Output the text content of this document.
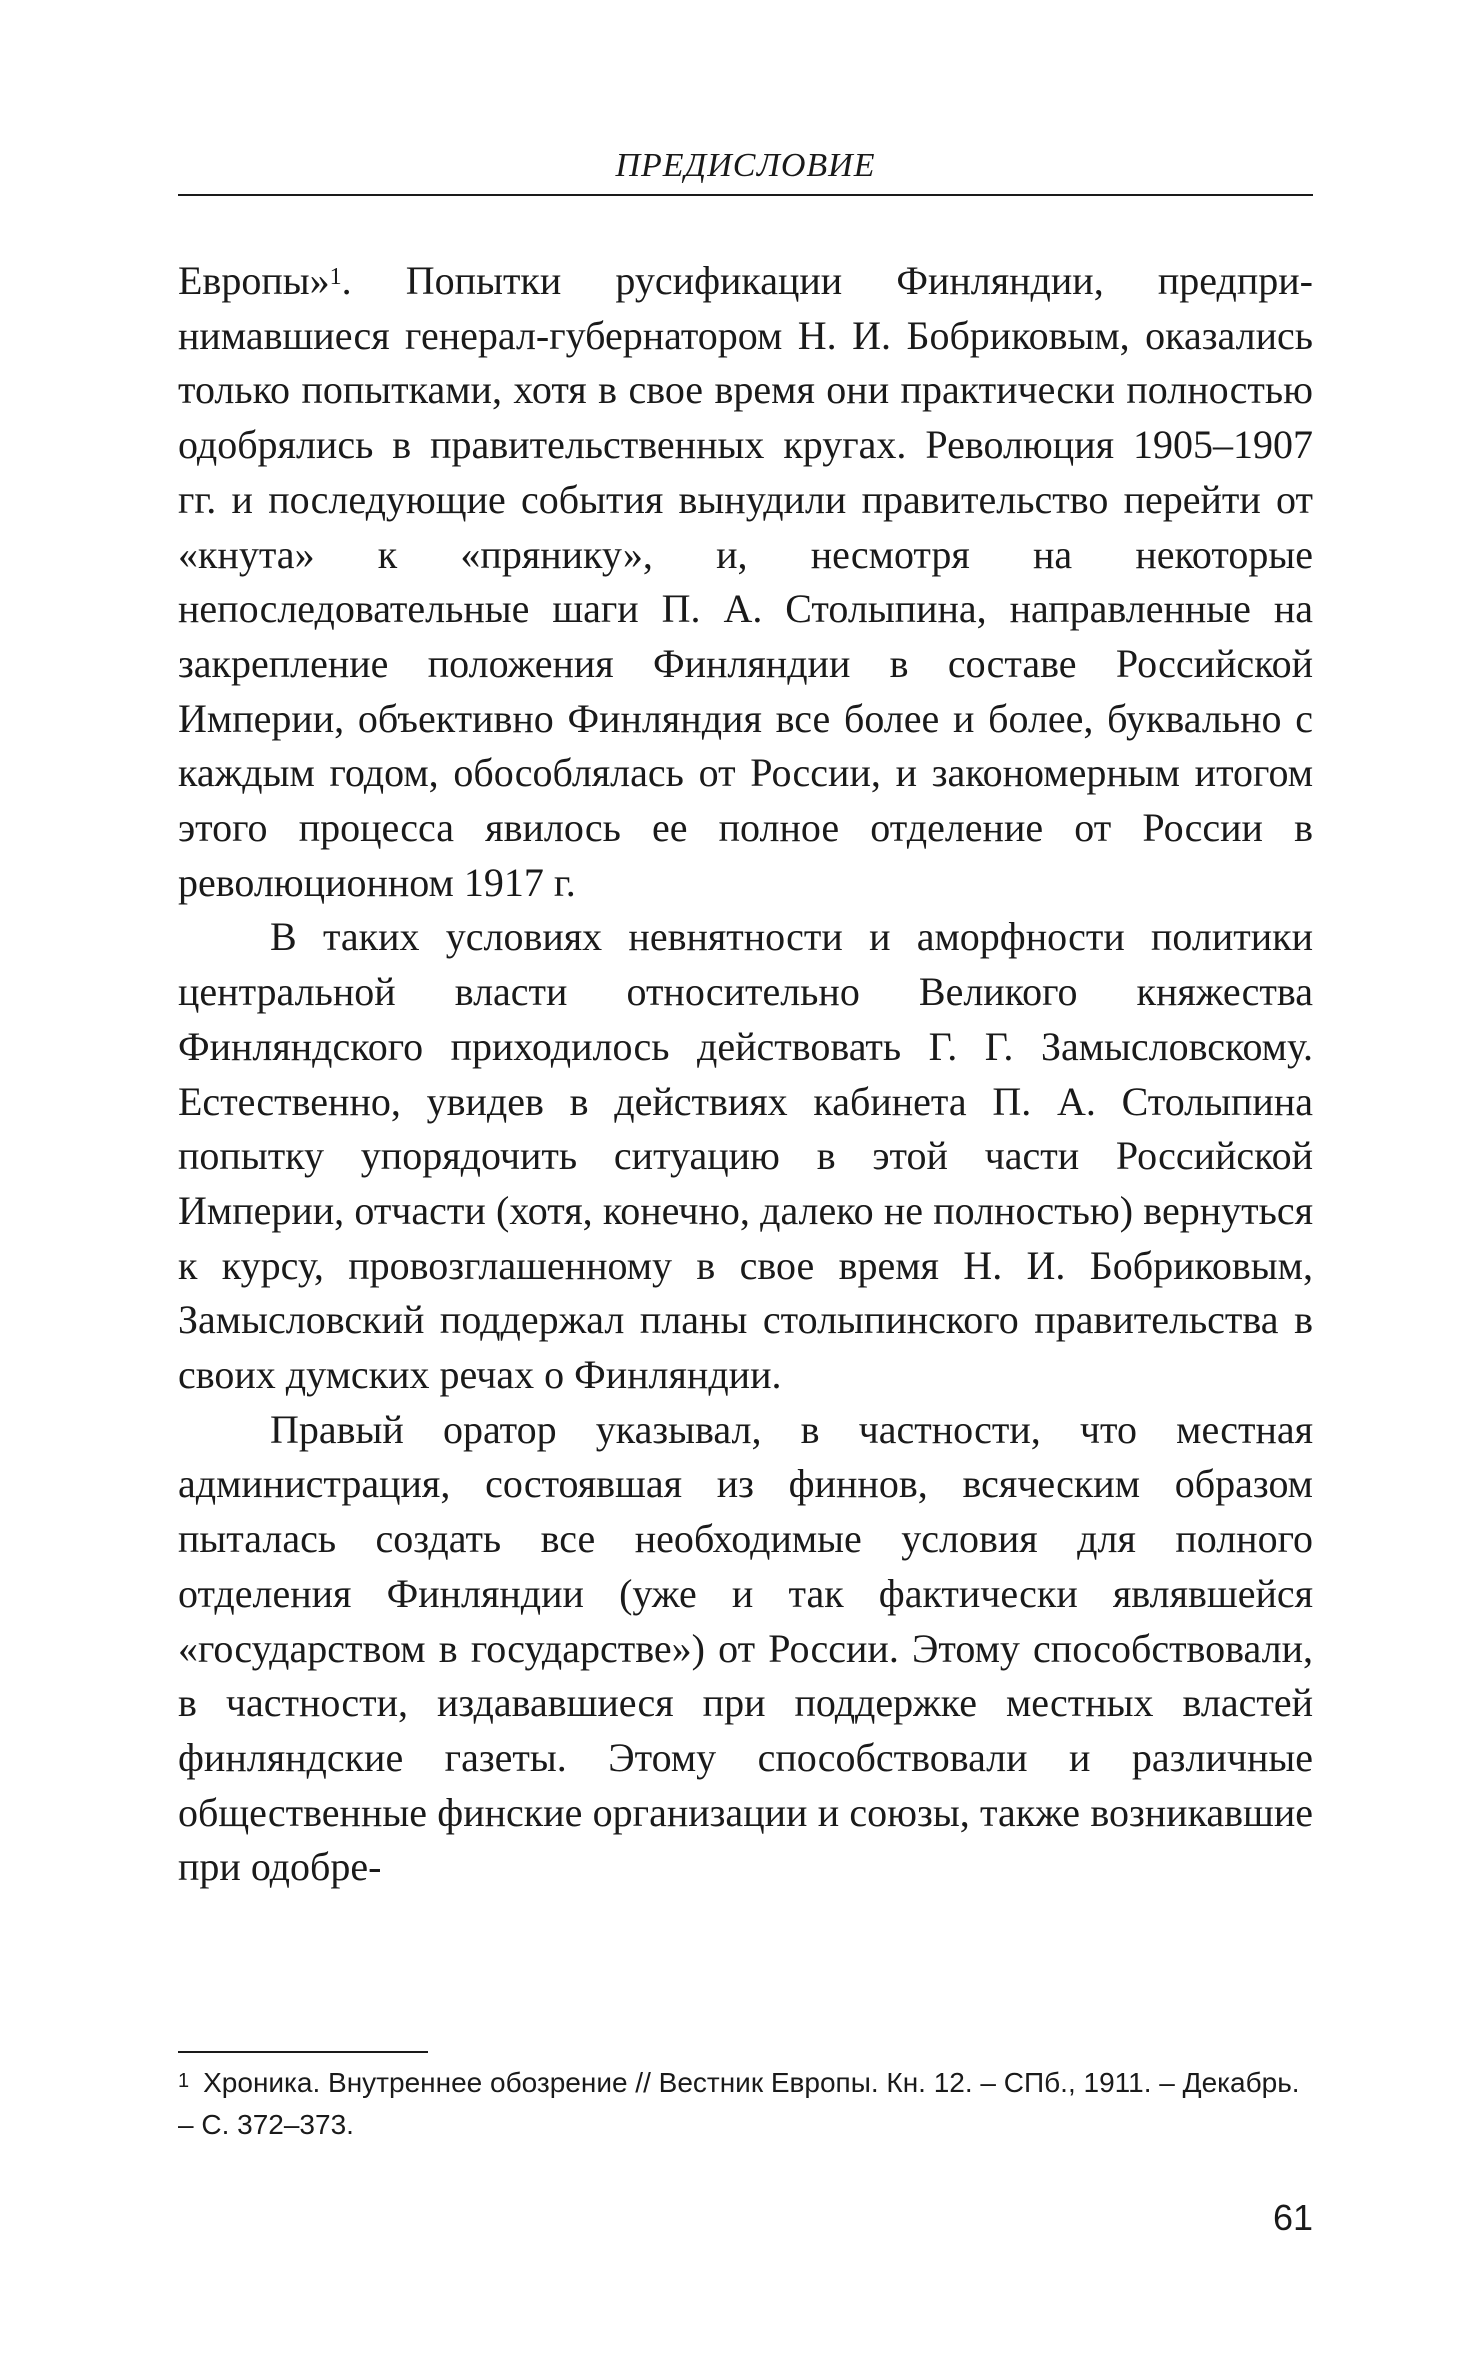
ПРЕДИСЛОВИЕ

Европы»$^1$. Попытки русификации Финляндии, предпринимавшиеся генерал-губернатором Н. И. Бобриковым, оказались только попытками, хотя в свое время они практически полностью одобрялись в правительственных кругах. Революция 1905–1907 гг. и последующие события вынудили правительство перейти от «кнута» к «прянику», и, несмотря на некоторые непоследовательные шаги П. А. Столыпина, направленные на закрепление положения Финляндии в составе Российской Империи, объективно Финляндия все более и более, буквально с каждым годом, обособлялась от России, и закономерным итогом этого процесса явилось ее полное отделение от России в революционном 1917 г.

В таких условиях невнятности и аморфности политики центральной власти относительно Великого княжества Финляндского приходилось действовать Г. Г. Замысловскому. Естественно, увидев в действиях кабинета П. А. Столыпина попытку упорядочить ситуацию в этой части Российской Империи, отчасти (хотя, конечно, далеко не полностью) вернуться к курсу, провозглашенному в свое время Н. И. Бобриковым, Замысловский поддержал планы столыпинского правительства в своих думских речах о Финляндии.

Правый оратор указывал, в частности, что местная администрация, состоявшая из финнов, всяческим образом пыталась создать все необходимые условия для полного отделения Финляндии (уже и так фактически являвшейся «государством в государстве») от России. Этому способствовали, в частности, издававшиеся при поддержке местных властей финляндские газеты. Этому способствовали и различные общественные финские организации и союзы, также возникавшие при одобре-

$^1$ Хроника. Внутреннее обозрение // Вестник Европы. Кн. 12. – СПб., 1911. – Декабрь. – С. 372–373.
61
